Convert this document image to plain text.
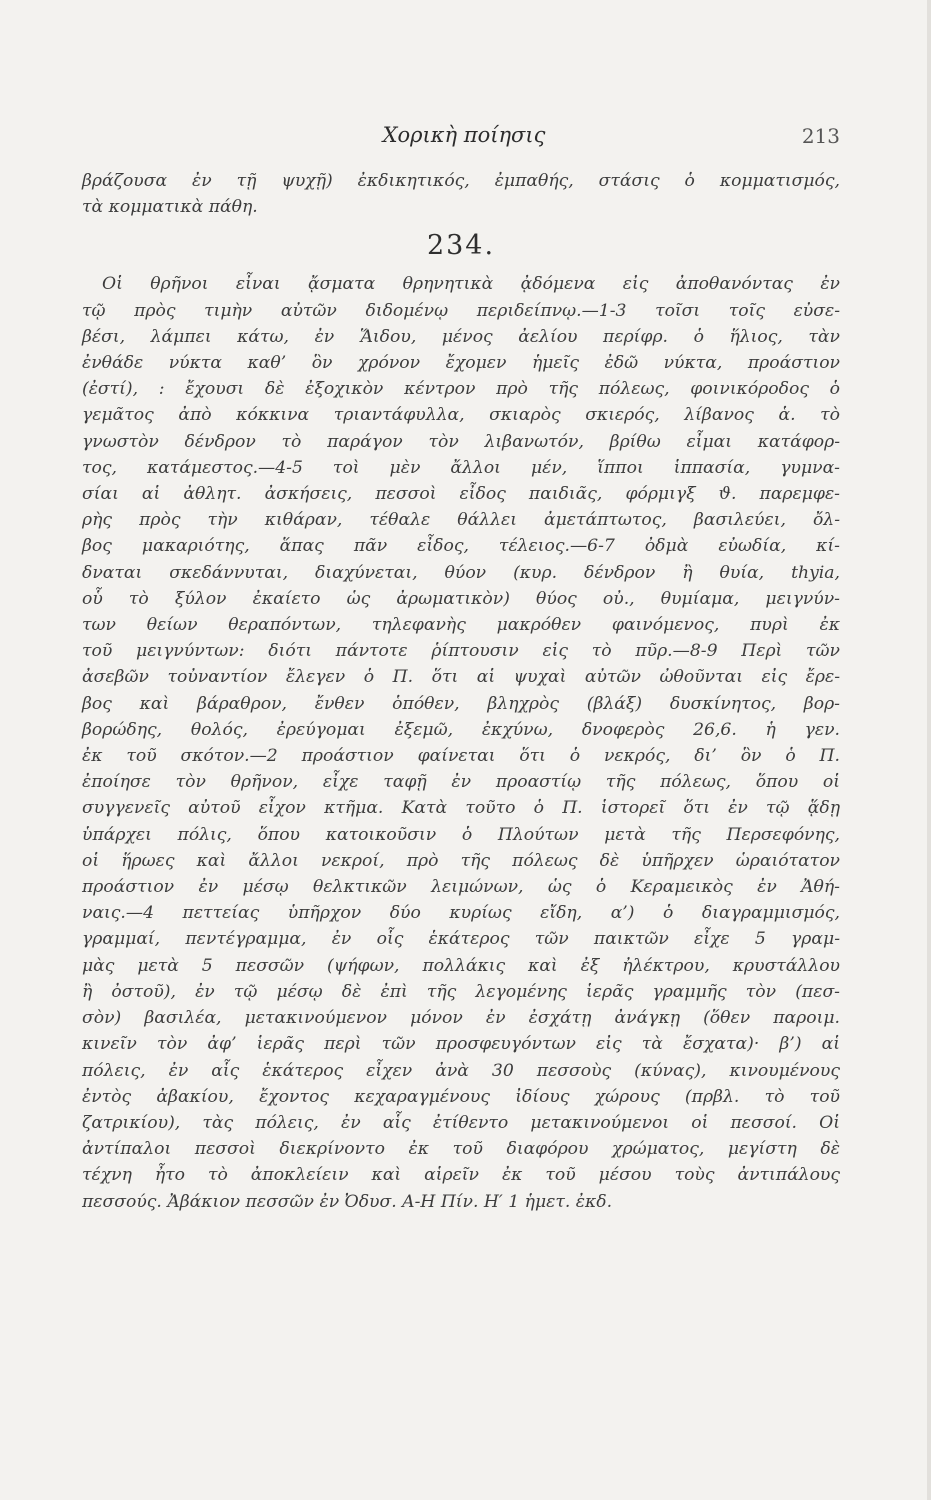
Χορικὴ ποίησις	213
βράζουσα ἐν τῇ ψυχῇ) ἐκδικητικός, ἐμπαθής, στάσις ὁ κομματισμός,
τὰ κομματικὰ πάθη.
234.
Οἱ θρῆνοι εἶναι ᾄσματα θρηνητικὰ ᾀδόμενα εἰς ἀποθανόντας ἐν
τῷ πρὸς τιμὴν αὐτῶν διδομένῳ περιδείπνῳ.—1-3 τοῖσι τοῖς εὐσε-
βέσι, λάμπει κάτω, ἐν Ἅιδου, μένος ἀελίου περίφρ. ὁ ἥλιος, τὰν
ἐνθάδε νύκτα καθ’ ὃν χρόνον ἔχομεν ἡμεῖς ἐδῶ νύκτα, προάστιον
(ἐστί), : ἔχουσι δὲ ἐξοχικὸν κέντρον πρὸ τῆς πόλεως, φοινικόροδος ὁ
γεμᾶτος ἀπὸ κόκκινα τριαντάφυλλα, σκιαρὸς σκιερός, λίβανος ἁ. τὸ
γνωστὸν δένδρον τὸ παράγον τὸν λιβανωτόν, βρίθω εἶμαι κατάφορ-
τος, κατάμεστος.—4-5 τοὶ μὲν ἄλλοι μέν, ἵπποι ἱππασία, γυμνα-
σίαι αἱ ἀθλητ. ἀσκήσεις, πεσσοὶ εἶδος παιδιᾶς, φόρμιγξ ϑ. παρεμφε-
ρὴς πρὸς τὴν κιθάραν, τέθαλε θάλλει ἀμετάπτωτος, βασιλεύει, ὄλ-
βος μακαριότης, ἅπας πᾶν εἶδος, τέλειος.—6-7 ὀδμὰ εὐωδία, κί-
δναται σκεδάννυται, διαχύνεται, θύον (κυρ. δένδρον ἢ θυία, thyia,
οὗ τὸ ξύλον ἐκαίετο ὡς ἀρωματικὸν) θύος οὐ., θυμίαμα, μειγνύν-
των θείων θεραπόντων, τηλεφανὴς μακρόθεν φαινόμενος, πυρὶ ἐκ
τοῦ μειγνύντων: διότι πάντοτε ῥίπτουσιν εἰς τὸ πῦρ.—8-9 Περὶ τῶν
ἀσεβῶν τοὐναντίον ἔλεγεν ὁ Π. ὅτι αἱ ψυχαὶ αὐτῶν ὠθοῦνται εἰς ἔρε-
βος καὶ βάραθρον, ἔνθεν ὁπόθεν, βληχρὸς (βλάξ) δυσκίνητος, βορ-
βορώδης, θολός, ἐρεύγομαι ἐξεμῶ, ἐκχύνω, δνοφερὸς 26,6. ἡ γεν.
ἐκ τοῦ σκότον.—2 προάστιον φαίνεται ὅτι ὁ νεκρός, δι’ ὃν ὁ Π.
ἐποίησε τὸν θρῆνον, εἶχε ταφῇ ἐν προαστίῳ τῆς πόλεως, ὅπου οἱ
συγγενεῖς αὐτοῦ εἶχον κτῆμα. Κατὰ τοῦτο ὁ Π. ἱστορεῖ ὅτι ἐν τῷ ᾅδῃ
ὑπάρχει πόλις, ὅπου κατοικοῦσιν ὁ Πλούτων μετὰ τῆς Περσεφόνης,
οἱ ἥρωες καὶ ἄλλοι νεκροί, πρὸ τῆς πόλεως δὲ ὑπῆρχεν ὡραιότατον
προάστιον ἐν μέσῳ θελκτικῶν λειμώνων, ὡς ὁ Κεραμεικὸς ἐν Ἀθή-
ναις.—4 πεττείας ὑπῆρχον δύο κυρίως εἴδη, α’) ὁ διαγραμμισμός,
γραμμαί, πεντέγραμμα, ἐν οἷς ἑκάτερος τῶν παικτῶν εἶχε 5 γραμ-
μὰς μετὰ 5 πεσσῶν (ψήφων, πολλάκις καὶ ἐξ ἠλέκτρου, κρυστάλλου
ἢ ὀστοῦ), ἐν τῷ μέσῳ δὲ ἐπὶ τῆς λεγομένης ἱερᾶς γραμμῆς τὸν (πεσ-
σὸν) βασιλέα, μετακινούμενον μόνον ἐν ἐσχάτῃ ἀνάγκῃ (ὅθεν παροιμ.
κινεῖν τὸν ἀφ’ ἱερᾶς περὶ τῶν προσφευγόντων εἰς τὰ ἔσχατα)· β’) αἱ
πόλεις, ἐν αἷς ἑκάτερος εἶχεν ἀνὰ 30 πεσσοὺς (κύνας), κινουμένους
ἐντὸς ἀβακίου, ἔχοντος κεχαραγμένους ἰδίους χώρους (πρβλ. τὸ τοῦ
ζατρικίου), τὰς πόλεις, ἐν αἷς ἐτίθεντο μετακινούμενοι οἱ πεσσοί. Οἱ
ἀντίπαλοι πεσσοὶ διεκρίνοντο ἐκ τοῦ διαφόρου χρώματος, μεγίστη δὲ
τέχνη ἦτο τὸ ἀποκλείειν καὶ αἱρεῖν ἐκ τοῦ μέσου τοὺς ἀντιπάλους
πεσσούς. Ἀβάκιον πεσσῶν ἐν Ὀδυσ. Α-Η Πίν. Η′ 1 ἡμετ. ἐκδ.
